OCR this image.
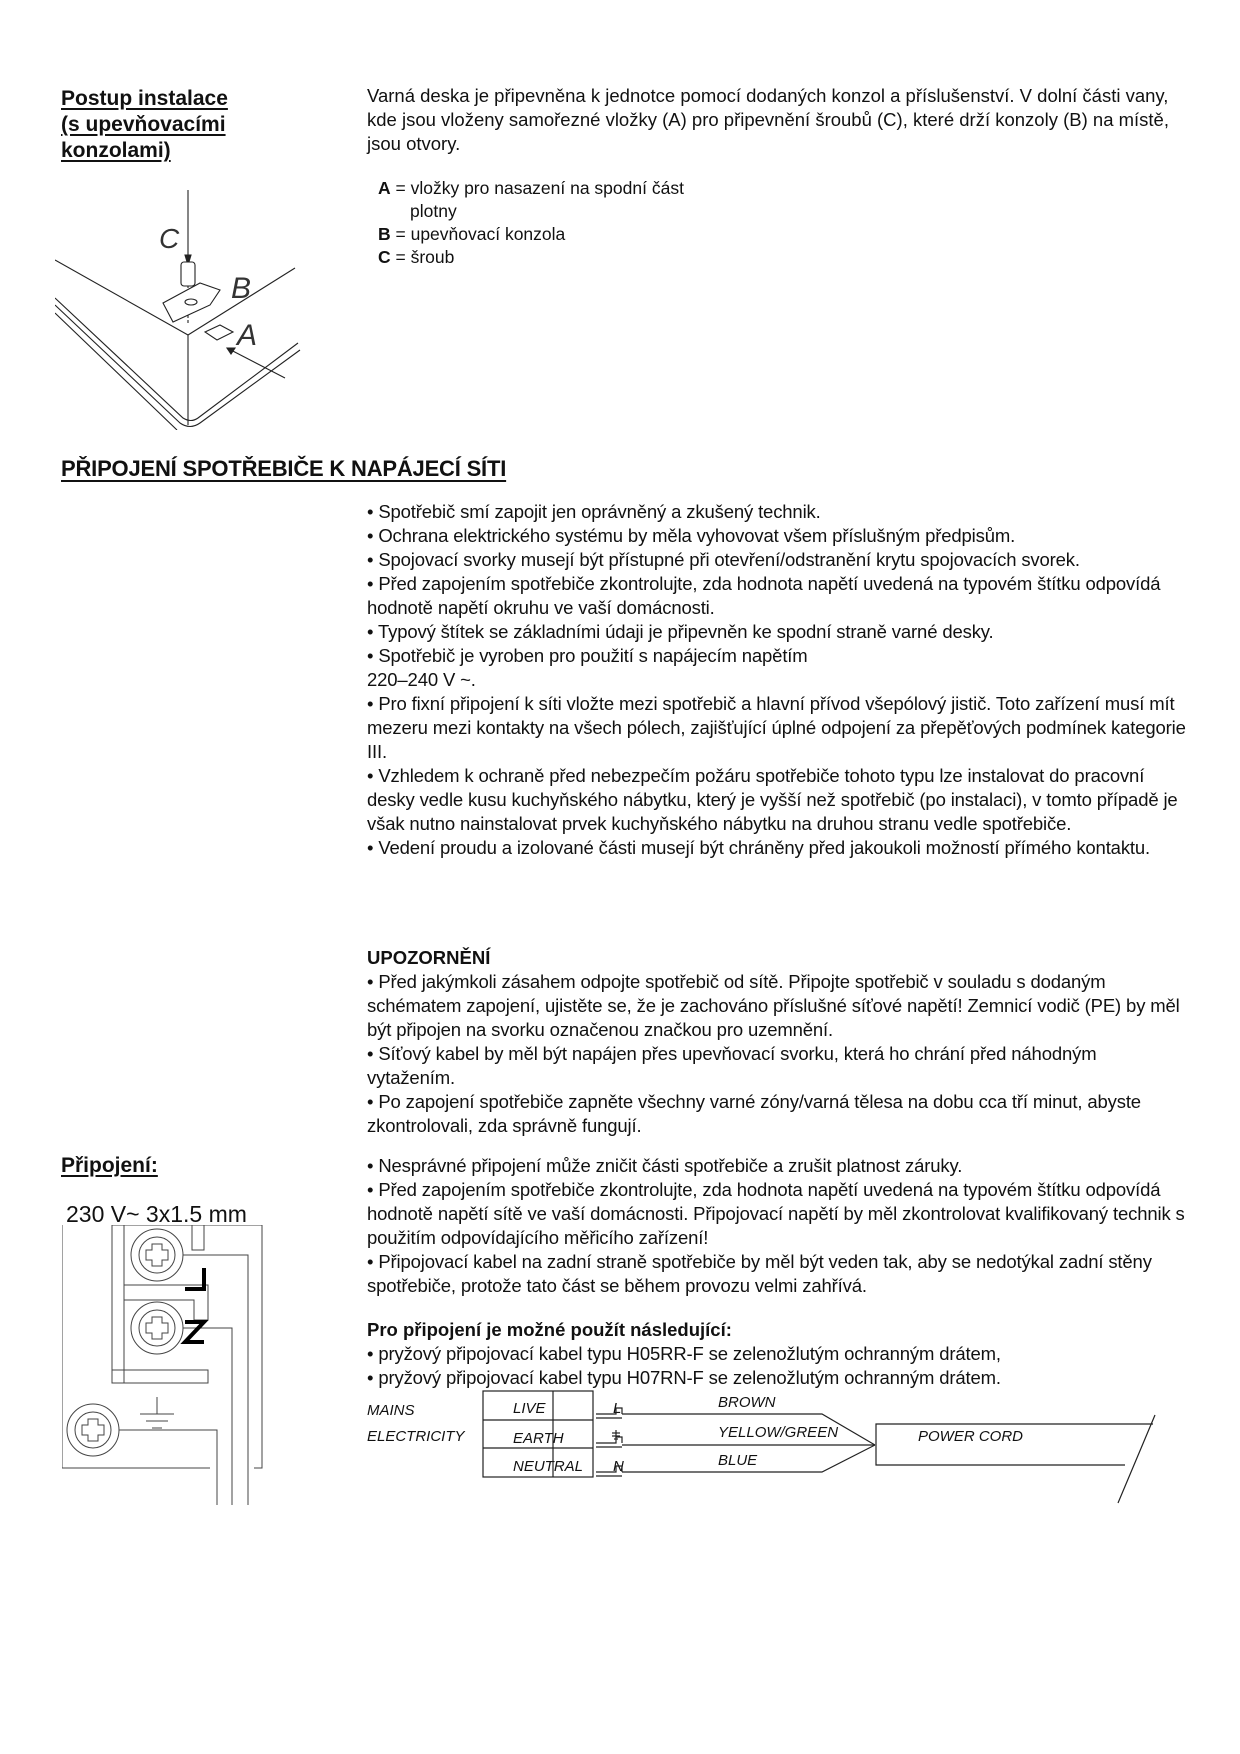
Postup instalace
(s upevňovacími
konzolami)

Varná deska je připevněna k jednotce pomocí dodaných konzol a příslušenství. V dolní části vany, kde jsou vloženy samořezné vložky (A) pro připevnění šroubů (C), které drží konzoly (B) na místě, jsou otvory.

A = vložky pro nasazení na spodní část
plotny
B = upevňovací konzola
C = šroub
C
B
A
PŘIPOJENÍ SPOTŘEBIČE K NAPÁJECÍ SÍTI
• Spotřebič smí zapojit jen oprávněný a zkušený technik.
• Ochrana elektrického systému by měla vyhovovat všem příslušným předpisům.
• Spojovací svorky musejí být přístupné při otevření/odstranění krytu spojovacích svorek.
• Před zapojením spotřebiče zkontrolujte, zda hodnota napětí uvedená na typovém štítku odpovídá hodnotě napětí okruhu ve vaší domácnosti.
• Typový štítek se základními údaji je připevněn ke spodní straně varné desky.
• Spotřebič je vyroben pro použití s napájecím napětím
220–240 V ~.
• Pro fixní připojení k síti vložte mezi spotřebič a hlavní přívod všepólový jistič. Toto zařízení musí mít mezeru mezi kontakty na všech pólech, zajišťující úplné odpojení za přepěťových podmínek kategorie III.
• Vzhledem k ochraně před nebezpečím požáru spotřebiče tohoto typu lze instalovat do pracovní desky vedle kusu kuchyňského nábytku, který je vyšší než spotřebič (po instalaci), v tomto případě je však nutno nainstalovat prvek kuchyňského nábytku na druhou stranu vedle spotřebiče.
• Vedení proudu a izolované části musejí být chráněny před jakoukoli možností přímého kontaktu.
UPOZORNĚNÍ
• Před jakýmkoli zásahem odpojte spotřebič od sítě. Připojte spotřebič v souladu s dodaným schématem zapojení, ujistěte se, že je zachováno příslušné síťové napětí! Zemnicí vodič (PE) by měl být připojen na svorku označenou značkou pro uzemnění.
• Síťový kabel by měl být napájen přes upevňovací svorku, která ho chrání před náhodným vytažením.
• Po zapojení spotřebiče zapněte všechny varné zóny/varná tělesa na dobu cca tří minut, abyste zkontrolovali, zda správně fungují.
Připojení:
230 V~ 3x1.5 mm
• Nesprávné připojení může zničit části spotřebiče a zrušit platnost záruky.
• Před zapojením spotřebiče zkontrolujte, zda hodnota napětí uvedená na typovém štítku odpovídá hodnotě napětí sítě ve vaší domácnosti. Připojovací napětí by měl zkontrolovat kvalifikovaný technik s použitím odpovídajícího měřicího zařízení!
• Připojovací kabel na zadní straně spotřebiče by měl být veden tak, aby se nedotýkal zadní stěny spotřebiče, protože tato část se během provozu velmi zahřívá.
Pro připojení je možné použít následující:
• pryžový připojovací kabel typu H05RR-F se zelenožlutým ochranným drátem,
• pryžový připojovací kabel typu H07RN-F se zelenožlutým ochranným drátem.
MAINS
ELECTRICITY
LIVE
EARTH
NEUTRAL
L
N
BROWN
YELLOW/GREEN
BLUE
POWER CORD
